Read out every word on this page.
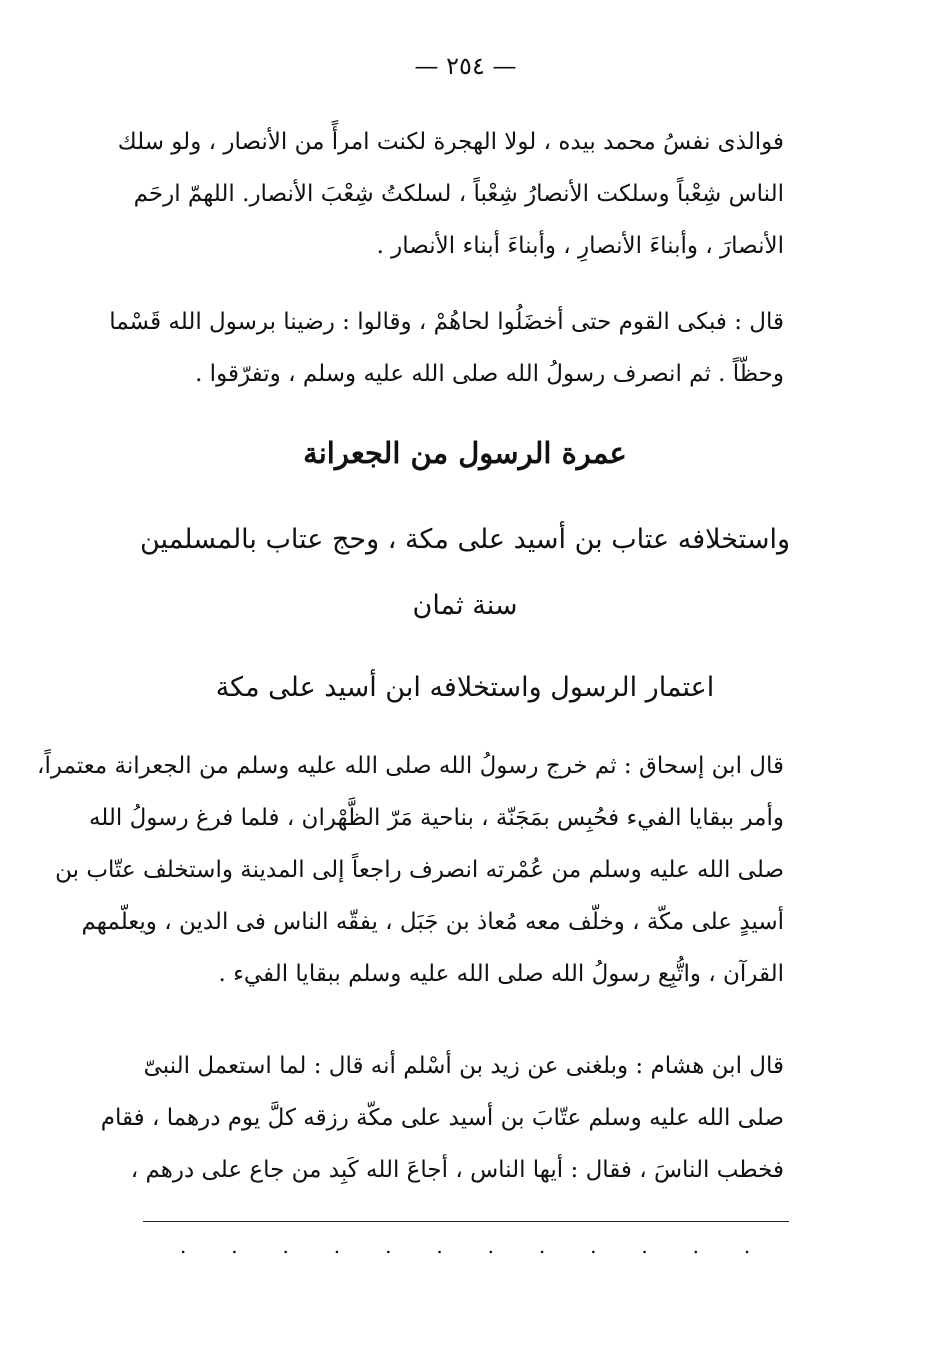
— ٢٥٤ —
فوالذى نفسُ محمد بيده ، لولا الهجرة لكنت امرأً من الأنصار ، ولو سلك
الناس شِعْباً وسلكت الأنصارُ شِعْباً ، لسلكتُ شِعْبَ الأنصار. اللهمّ ارحَم
الأنصارَ ، وأبناءَ الأنصارِ ، وأبناءَ أبناء الأنصار .
قال : فبكى القوم حتى أخضَلُوا لحاهُمْ ، وقالوا : رضينا برسول الله قَسْما
وحظّاً . ثم انصرف رسولُ الله صلى الله عليه وسلم ، وتفرّقوا .
عمرة الرسول من الجعرانة
واستخلافه عتاب بن أسيد على مكة ، وحج عتاب بالمسلمين
سنة ثمان
اعتمار الرسول واستخلافه ابن أسيد على مكة
قال ابن إسحاق : ثم خرج رسولُ الله صلى الله عليه وسلم من الجعرانة معتمراً،
وأمر ببقايا الفيء فحُبِس بمَجَنّة ، بناحية مَرّ الظَّهْران ، فلما فرغ رسولُ الله
صلى الله عليه وسلم من عُمْرته انصرف راجعاً إلى المدينة واستخلف عتّاب بن
أسيدٍ على مكّة ، وخلّف معه مُعاذ بن جَبَل ، يفقّه الناس فى الدين ، ويعلّمهم
القرآن ، واتُّبِع رسولُ الله صلى الله عليه وسلم ببقايا الفيء .
قال ابن هشام : وبلغنى عن زيد بن أسْلم أنه قال : لما استعمل النبىّ
صلى الله عليه وسلم عتّابَ بن أسيد على مكّة رزقه كلَّ يوم درهما ، فقام
فخطب الناسَ ، فقال : أيها الناس ، أجاعَ الله كَبِد من جاع على درهم ،
. . . . . . . . . . . .
